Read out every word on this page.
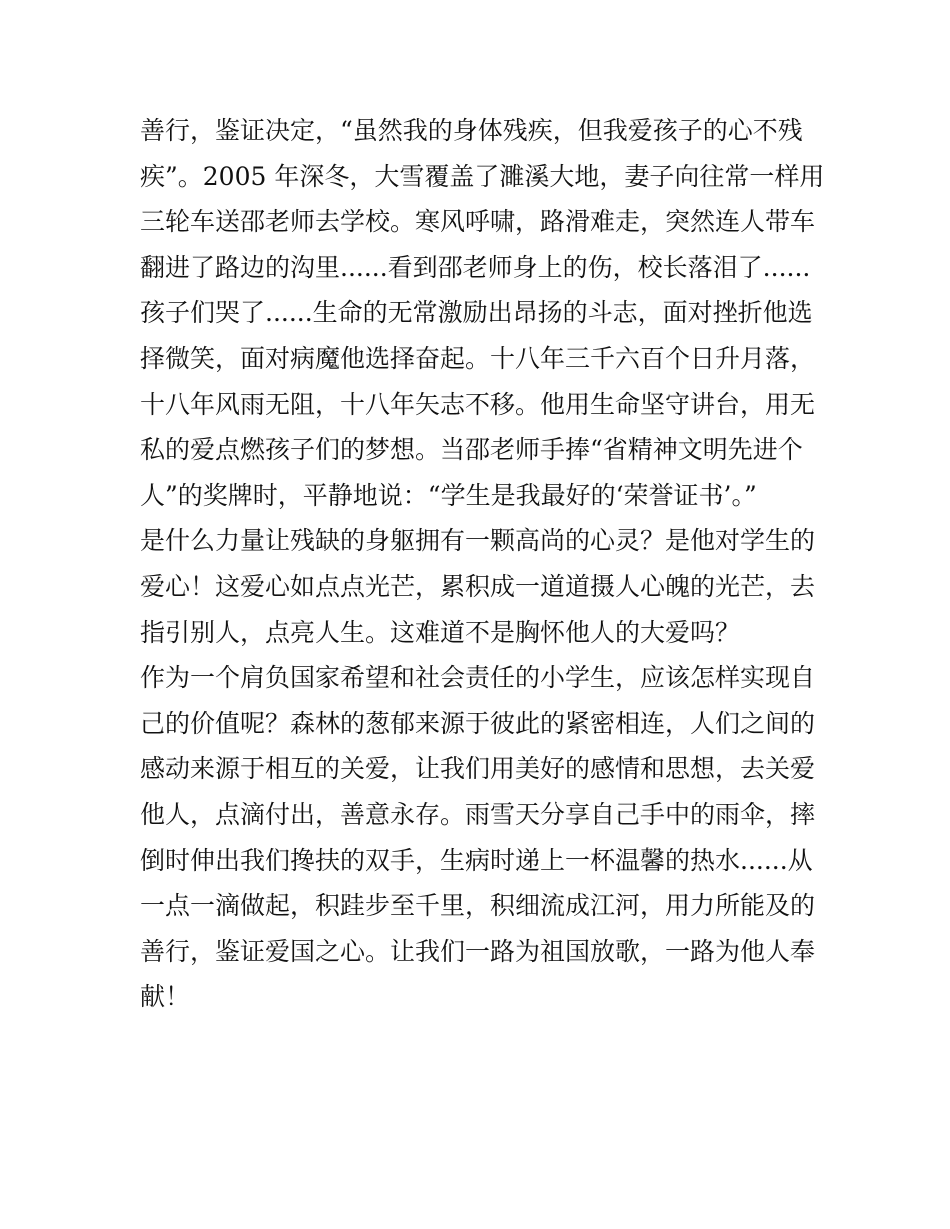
善行，鉴证决定，“虽然我的身体残疾，但我爱孩子的心不残
疾”。2005 年深冬，大雪覆盖了濉溪大地，妻子向往常一样用
三轮车送邵老师去学校。寒风呼啸，路滑难走，突然连人带车
翻进了路边的沟里......看到邵老师身上的伤，校长落泪了......
孩子们哭了......生命的无常激励出昂扬的斗志，面对挫折他选
择微笑，面对病魔他选择奋起。十八年三千六百个日升月落，
十八年风雨无阻，十八年矢志不移。他用生命坚守讲台，用无
私的爱点燃孩子们的梦想。当邵老师手捧“省精神文明先进个
人”的奖牌时，平静地说：“学生是我最好的‘荣誉证书’。”
是什么力量让残缺的身躯拥有一颗高尚的心灵？是他对学生的
爱心！这爱心如点点光芒，累积成一道道摄人心魄的光芒，去
指引别人，点亮人生。这难道不是胸怀他人的大爱吗？
作为一个肩负国家希望和社会责任的小学生，应该怎样实现自
己的价值呢？森林的葱郁来源于彼此的紧密相连，人们之间的
感动来源于相互的关爱，让我们用美好的感情和思想，去关爱
他人，点滴付出，善意永存。雨雪天分享自己手中的雨伞，摔
倒时伸出我们搀扶的双手，生病时递上一杯温馨的热水......从
一点一滴做起，积跬步至千里，积细流成江河，用力所能及的
善行，鉴证爱国之心。让我们一路为祖国放歌，一路为他人奉
献！
